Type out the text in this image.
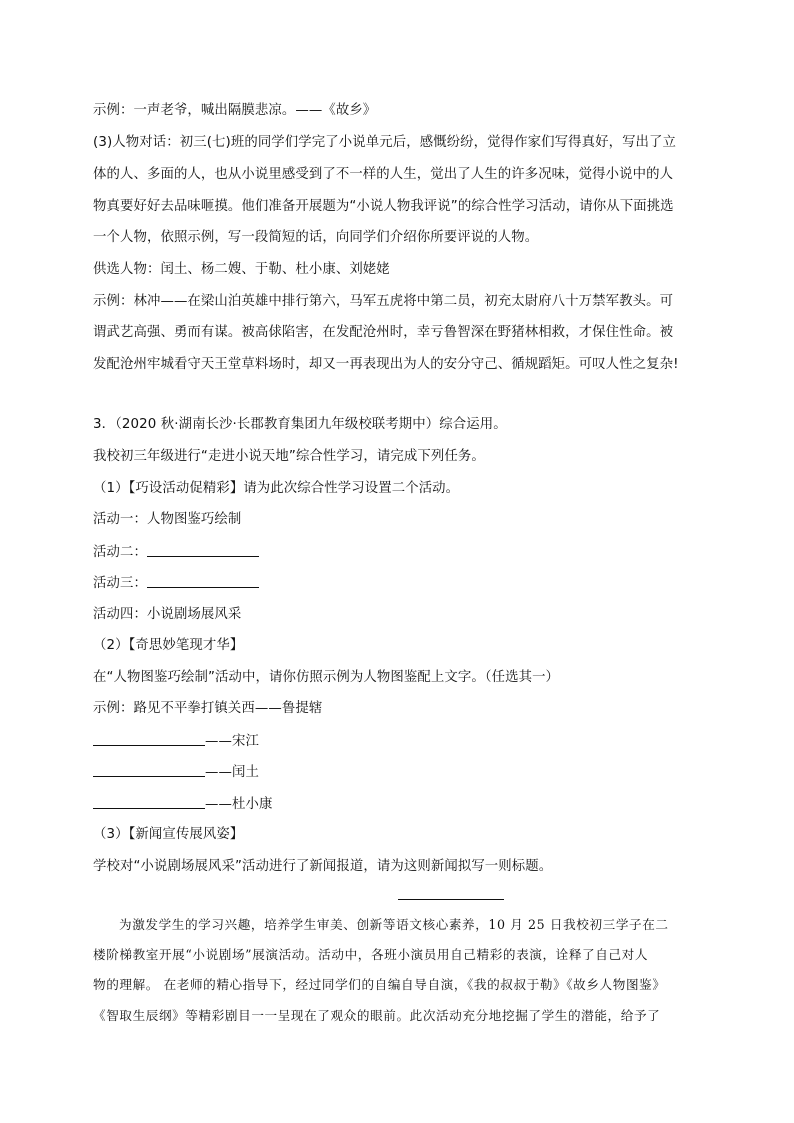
示例：一声老爷，喊出隔膜悲凉。——《故乡》
(3)人物对话：初三(七)班的同学们学完了小说单元后，感慨纷纷，觉得作家们写得真好，写出了立
体的人、多面的人，也从小说里感受到了不一样的人生，觉出了人生的许多况味，觉得小说中的人
物真要好好去品味咂摸。他们准备开展题为“小说人物我评说”的综合性学习活动，请你从下面挑选
一个人物，依照示例，写一段简短的话，向同学们介绍你所要评说的人物。
供选人物：闰土、杨二嫂、于勒、杜小康、刘姥姥
示例：林冲——在梁山泊英雄中排行第六，马军五虎将中第二员，初充太尉府八十万禁军教头。可
谓武艺高强、勇而有谋。被高俅陷害，在发配沧州时，幸亏鲁智深在野猪林相救，才保住性命。被
发配沧州牢城看守天王堂草料场时，却又一再表现出为人的安分守己、循规蹈矩。可叹人性之复杂!
3．（2020 秋·湖南长沙·长郡教育集团九年级校联考期中）综合运用。
我校初三年级进行“走进小说天地”综合性学习，请完成下列任务。
（1）【巧设活动促精彩】请为此次综合性学习设置二个活动。
活动一：人物图鉴巧绘制
活动二：
活动三：
活动四：小说剧场展风采
（2）【奇思妙笔现才华】
在“人物图鉴巧绘制”活动中，请你仿照示例为人物图鉴配上文字。（任选其一）
示例：路见不平拳打镇关西——鲁提辖
——宋江
——闰土
——杜小康
（3）【新闻宣传展风姿】
学校对“小说剧场展风采”活动进行了新闻报道，请为这则新闻拟写一则标题。
为激发学生的学习兴趣，培养学生审美、创新等语文核心素养，10 月 25 日我校初三学子在二
楼阶梯教室开展“小说剧场”展演活动。活动中，各班小演员用自己精彩的表演，诠释了自己对人
物的理解。 在老师的精心指导下，经过同学们的自编自导自演，《我的叔叔于勒》《故乡人物图鉴》
《智取生辰纲》等精彩剧目一一呈现在了观众的眼前。此次活动充分地挖掘了学生的潜能，给予了
